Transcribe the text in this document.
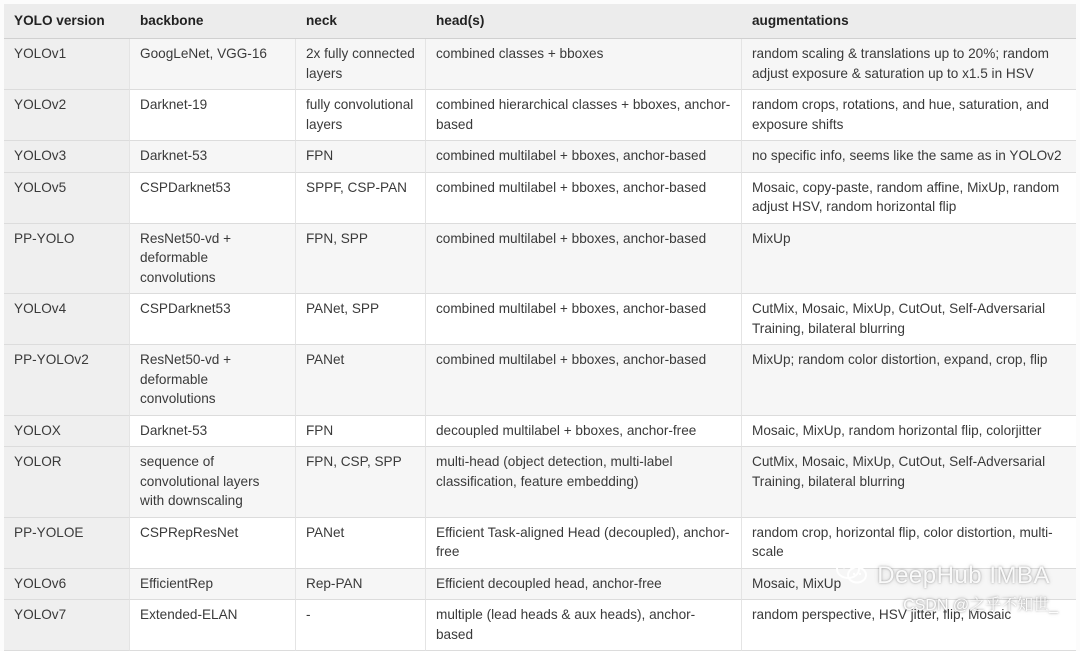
YOLO version	backbone	neck	head(s)	augmentations
YOLOv1	GoogLeNet, VGG-16	2x fully connected layers	combined classes + bboxes	random scaling & translations up to 20%; random adjust exposure & saturation up to x1.5 in HSV
YOLOv2	Darknet-19	fully convolutional layers	combined hierarchical classes + bboxes, anchor-based	random crops, rotations, and hue, saturation, and exposure shifts
YOLOv3	Darknet-53	FPN	combined multilabel + bboxes, anchor-based	no specific info, seems like the same as in YOLOv2
YOLOv5	CSPDarknet53	SPPF, CSP-PAN	combined multilabel + bboxes, anchor-based	Mosaic, copy-paste, random affine, MixUp, random adjust HSV, random horizontal flip
PP-YOLO	ResNet50-vd + deformable convolutions	FPN, SPP	combined multilabel + bboxes, anchor-based	MixUp
YOLOv4	CSPDarknet53	PANet, SPP	combined multilabel + bboxes, anchor-based	CutMix, Mosaic, MixUp, CutOut, Self-Adversarial Training, bilateral blurring
PP-YOLOv2	ResNet50-vd + deformable convolutions	PANet	combined multilabel + bboxes, anchor-based	MixUp; random color distortion, expand, crop, flip
YOLOX	Darknet-53	FPN	decoupled multilabel + bboxes, anchor-free	Mosaic, MixUp, random horizontal flip, colorjitter
YOLOR	sequence of convolutional layers with downscaling	FPN, CSP, SPP	multi-head (object detection, multi-label classification, feature embedding)	CutMix, Mosaic, MixUp, CutOut, Self-Adversarial Training, bilateral blurring
PP-YOLOE	CSPRepResNet	PANet	Efficient Task-aligned Head (decoupled), anchor-free	random crop, horizontal flip, color distortion, multi-scale
YOLOv6	EfficientRep	Rep-PAN	Efficient decoupled head, anchor-free	Mosaic, MixUp
YOLOv7	Extended-ELAN	-	multiple (lead heads & aux heads), anchor-based	random perspective, HSV jitter, flip, Mosaic
DeepHub IMBA
CSDN @之乎不知世_
